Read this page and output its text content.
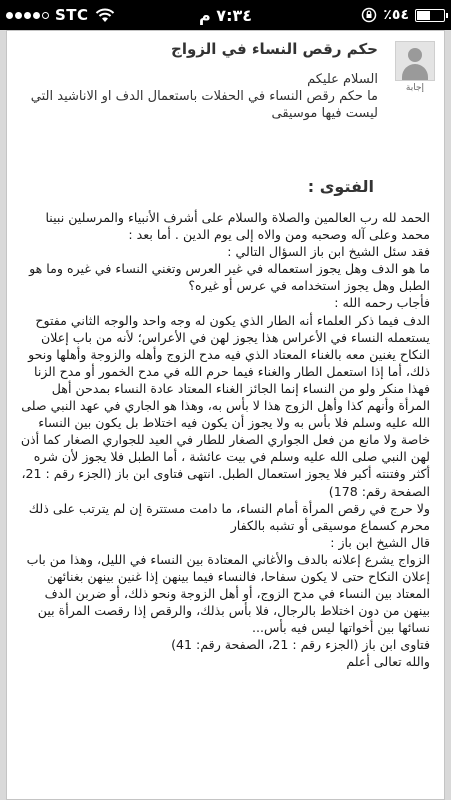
STC	٧:٣٤ م	٥٤٪
إجابة
حكم رقص النساء في الزواج

السلام عليكم

ما حكم رقص النساء في الحفلات باستعمال الدف او الاناشيد التي ليست فيها موسيقى

الفتوى :

الحمد لله رب العالمين والصلاة والسلام على أشرف الأنبياء والمرسلين نبينا محمد وعلى آله وصحبه ومن والاه إلى يوم الدين . أما بعد :

فقد سئل الشيخ ابن باز السؤال التالي :

ما هو الدف وهل يجوز استعماله في غير العرس وتغني النساء في غيره وما هو الطبل وهل يجوز استخدامه في عرس أو غيره؟

فأجاب رحمه الله :

الدف فيما ذكر العلماء أنه الطار الذي يكون له وجه واحد والوجه الثاني مفتوح يستعمله النساء في الأعراس هذا يجوز لهن في الأعراس؛ لأنه من باب إعلان النكاح يغنين معه بالغناء المعتاد الذي فيه مدح الزوج وأهله والزوجة وأهلها ونحو ذلك، أما إذا استعمل الطار والغناء فيما حرم الله في مدح الخمور أو مدح الزنا فهذا منكر ولو من النساء إنما الجائز الغناء المعتاد عادة النساء بمدحن أهل المرأة وأنهم كذا وأهل الزوج هذا لا بأس به، وهذا هو الجاري في عهد النبي صلى الله عليه وسلم فلا بأس به ولا يجوز أن يكون فيه اختلاط بل يكون بين النساء خاصة ولا مانع من فعل الجواري الصغار للطار في العيد للجواري الصغار كما أذن لهن النبي صلى الله عليه وسلم في بيت عائشة ، أما الطبل فلا يجوز لأن شره أكثر وفتنته أكبر فلا يجوز استعمال الطبل. انتهى فتاوى ابن باز (الجزء رقم : 21، الصفحة رقم: 178)

ولا حرج في رقص المرأة أمام النساء، ما دامت مستترة إن لم يترتب على ذلك محرم كسماع موسيقى أو تشبه بالكفار

قال الشيخ ابن باز :

الزواج يشرع إعلانه بالدف والأغاني المعتادة بين النساء في الليل، وهذا من باب إعلان النكاح حتى لا يكون سفاحا، فالنساء فيما بينهن إذا غنين بينهن بغنائهن المعتاد بين النساء في مدح الزوج، أو أهل الزوجة ونحو ذلك، أو ضربن الدف بينهن من دون اختلاط بالرجال، فلا بأس بذلك، والرقص إذا رقصت المرأة بين نسائها بين أخواتها ليس فيه بأس...

فتاوى ابن باز (الجزء رقم : 21، الصفحة رقم: 41)

والله تعالى أعلم
